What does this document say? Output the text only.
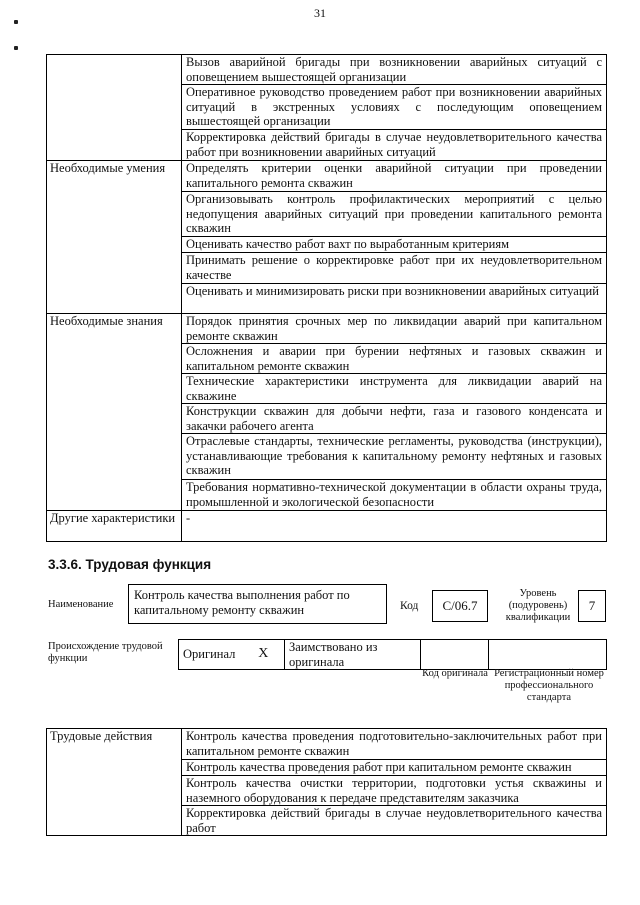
31
	Вызов аварийной бригады при возникновении аварийных ситуаций с оповещением вышестоящей организации
	Оперативное руководство проведением работ при возникновении аварийных ситуаций в экстренных условиях с последующим оповещением вышестоящей организации
	Корректировка действий бригады в случае неудовлетворительного качества работ при возникновении аварийных ситуаций
Необходимые умения	Определять критерии оценки аварийной ситуации при проведении капитального ремонта скважин
	Организовывать контроль профилактических мероприятий с целью недопущения аварийных ситуаций при проведении капитального ремонта скважин
	Оценивать качество работ вахт по выработанным критериям
	Принимать решение о корректировке работ при их неудовлетворительном качестве
	Оценивать и минимизировать риски при возникновении аварийных ситуаций
Необходимые знания	Порядок принятия срочных мер по ликвидации аварий при капитальном ремонте скважин
	Осложнения и аварии при бурении нефтяных и газовых скважин и капитальном ремонте скважин
	Технические характеристики инструмента для ликвидации аварий на скважине
	Конструкции скважин для добычи нефти, газа и газового конденсата и закачки рабочего агента
	Отраслевые стандарты, технические регламенты, руководства (инструкции), устанавливающие требования к капитальному ремонту нефтяных и газовых скважин
	Требования нормативно-технической документации в области охраны труда, промышленной и экологической безопасности
Другие характеристики	-
3.3.6. Трудовая функция
Наименование
Контроль качества выполнения работ по капитальному ремонту скважин	Код	C/06.7
Уровень (подуровень) квалификации
7
Происхождение трудовой функции	Оригинал	X	Заимствовано из оригинала		
Код оригинала Регистрационный номер профессионального стандарта
Трудовые действия	Контроль качества проведения подготовительно-заключительных работ при капитальном ремонте скважин
Контроль качества проведения работ при капитальном ремонте скважин
Контроль качества очистки территории, подготовки устья скважины и наземного оборудования к передаче представителям заказчика
Корректировка действий бригады в случае неудовлетворительного качества работ
